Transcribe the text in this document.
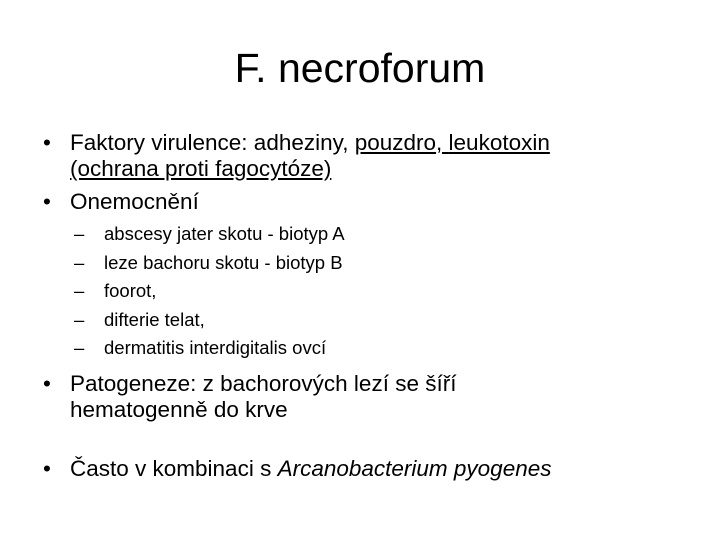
F. necroforum
• Faktory virulence: adheziny, pouzdro, leukotoxin
(ochrana proti fagocytóze)
• Onemocnění
– abscesy jater skotu - biotyp A
– leze bachoru skotu - biotyp B
– foorot,
– difterie telat,
– dermatitis interdigitalis ovcí
• Patogeneze: z bachorových lezí se šíří
hematogenně do krve
• Často v kombinaci s Arcanobacterium pyogenes
